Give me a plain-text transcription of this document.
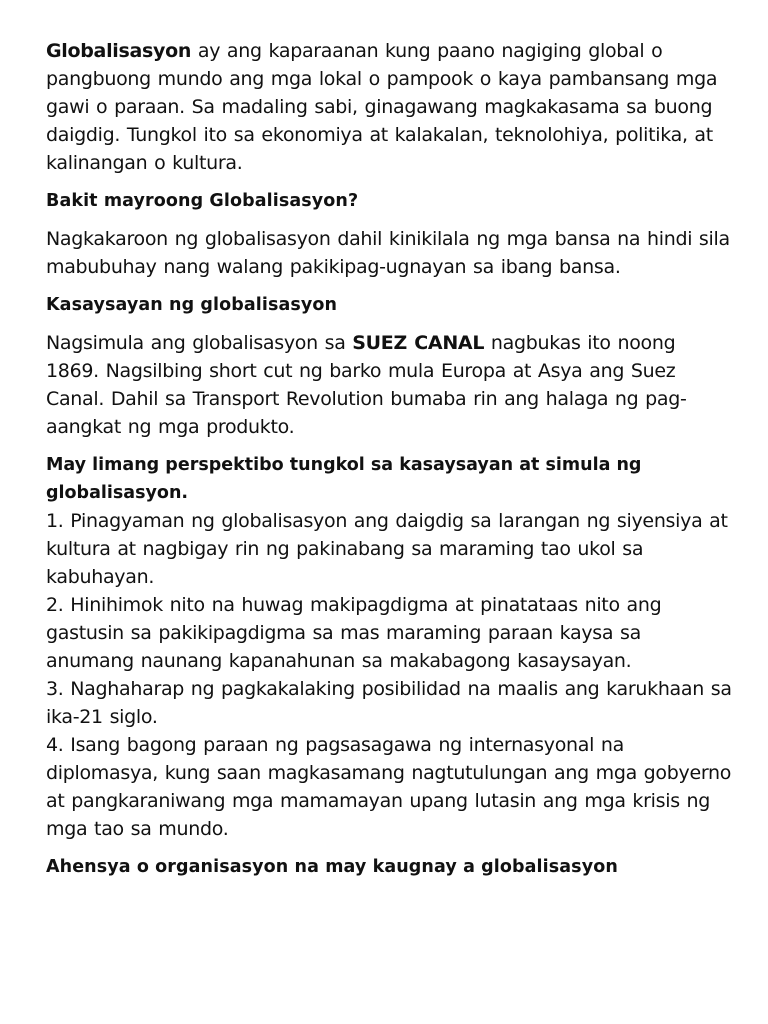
Globalisasyon ay ang kaparaanan kung paano nagiging global o pangbuong mundo ang mga lokal o pampook o kaya pambansang mga gawi o paraan. Sa madaling sabi, ginagawang magkakasama sa buong daigdig. Tungkol ito sa ekonomiya at kalakalan, teknolohiya, politika, at kalinangan o kultura.

Bakit mayroong Globalisasyon?

Nagkakaroon ng globalisasyon dahil kinikilala ng mga bansa na hindi sila mabubuhay nang walang pakikipag-ugnayan sa ibang bansa.

Kasaysayan ng globalisasyon

Nagsimula ang globalisasyon sa SUEZ CANAL nagbukas ito noong 1869. Nagsilbing short cut ng barko mula Europa at Asya ang Suez Canal. Dahil sa Transport Revolution bumaba rin ang halaga ng pag-aangkat ng mga produkto.

May limang perspektibo tungkol sa kasaysayan at simula ng globalisasyon.

1. Pinagyaman ng globalisasyon ang daigdig sa larangan ng siyensiya at kultura at nagbigay rin ng pakinabang sa maraming tao ukol sa kabuhayan.

2. Hinihimok nito na huwag makipagdigma at pinatataas nito ang gastusin sa pakikipagdigma sa mas maraming paraan kaysa sa anumang naunang kapanahunan sa makabagong kasaysayan.

3. Naghaharap ng pagkakalaking posibilidad na maalis ang karukhaan sa ika-21 siglo.

4. Isang bagong paraan ng pagsasagawa ng internasyonal na diplomasya, kung saan magkasamang nagtutulungan ang mga gobyerno at pangkaraniwang mga mamamayan upang lutasin ang mga krisis ng mga tao sa mundo.

Ahensya o organisasyon na may kaugnay a globalisasyon
